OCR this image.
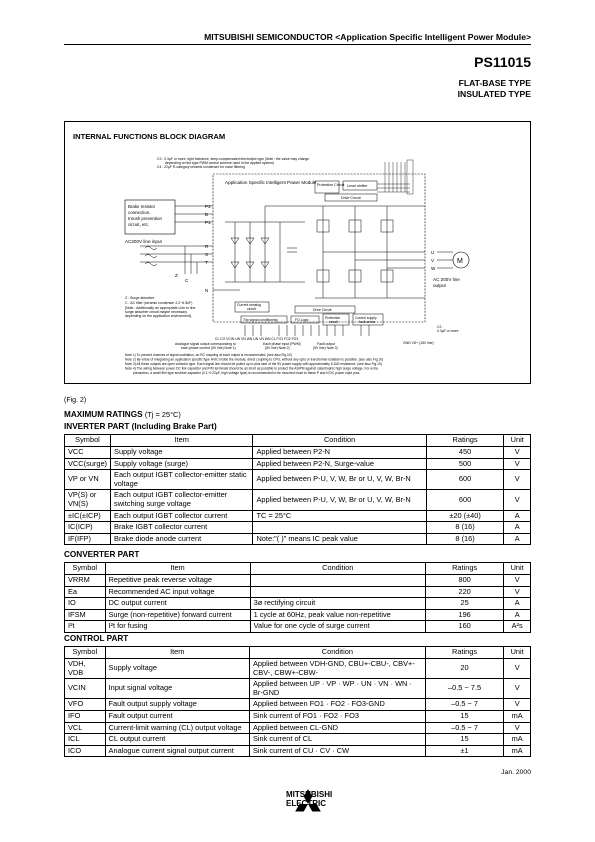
MITSUBISHI SEMICONDUCTOR <Application Specific Intelligent Power Module>
PS11015
FLAT-BASE TYPE
INSULATED TYPE
INTERNAL FUNCTIONS BLOCK DIAGRAM
C3 : 0.3μF or more, tight tolerance, temp-compensated electrolytic type (Note : the value may change
depending on the type PWM control scheme used in the applied system)
C4 : 22μF R-category ceramic condenser for noise filtering
Application Specific Intelligent Power Module Protection Circuit Level shifter
Drive Circuit
Brake resistor
connection,
Inrush prevention
circuit, etc.
AC200V line input
P2
B
P1
R
S
T
N
Z
C
U
V
W
M
AC 200V line
output
Z : Surge absorber.
C : AC filter (ceramic condenser 2.2~6.5nF)
[Note : Additionally an appropriate Line to line
surge absorber circuit maybe necessary
depending on the application environment].
Current sensing
circuit	Drive Circuit
Trip signal conditioning	FO Logic	Protection
circuit
Control supply
fault sense
CL CO VCIN UN VN WN UN VN WN CL FO1 FO2 FO3
Analogue signal output corresponding to
each phase current (5V line) Note 1)
Each phase input (PWM)
(5V line) Note 2)
Fault output
(5V line) Note 3)
GND VD+ (15V line)
C2 :
0.3μF or more
Note 1) To prevent chances of signal oscillation, an RC coupling at each output is recommended. (see also Fig.10)
Note 2) By virtue of integrating an application specific type HVIC inside the module, direct coupling to CPU, without any opto or transformer isolation is possible. (see also Fig.10)
Note 3) All these outputs are open collector type. Each signal line should be pulled up to plus side of the 5V power supply with approximately 5.1kΩ resistance. (see also Fig.10)
Note 4) The wiring between power DC link capacitor and P/N terminals should be as short as possible to protect the ASIPM against catastrophic high surge voltage. For extra
precaution, a small film type snubber capacitor (0.1~0.22μF, high voltage type) is recommended to be mounted close to these P and N DC power input pins.
(Fig. 2)
MAXIMUM RATINGS (Tj = 25°C)
INVERTER PART (Including Brake Part)
Symbol	Item	Condition	Ratings	Unit
VCC	Supply voltage	Applied between P2-N	450	V
VCC(surge)	Supply voltage (surge)	Applied between P2-N, Surge-value	500	V
VP or VN	Each output IGBT collector-emitter static voltage	Applied between P-U, V, W, Br or U, V, W, Br-N	600	V
VP(S) or VN(S)	Each output IGBT collector-emitter switching surge voltage	Applied between P-U, V, W, Br or U, V, W, Br-N	600	V
±IC(±ICP)	Each output IGBT collector current	TC = 25°C	±20 (±40)	A
IC(ICP)	Brake IGBT collector current		8 (16)	A
IF(IFP)	Brake diode anode current	Note:"( )" means IC peak value	8 (16)	A
CONVERTER PART
Symbol	Item	Condition	Ratings	Unit
VRRM	Repetitive peak reverse voltage		800	V
Ea	Recommended AC input voltage		220	V
IO	DC output current	3ø rectifying circuit	25	A
IFSM	Surge (non-repetitive) forward current	1 cycle at 60Hz, peak value non-repetitive	196	A
I²t	I²t for fusing	Value for one cycle of surge current	160	A²s
CONTROL PART
Symbol	Item	Condition	Ratings	Unit
VDH, VDB	Supply voltage	Applied between VDH-GND, CBU+-CBU-, CBV+-CBV-, CBW+-CBW-	20	V
VCIN	Input signal voltage	Applied between UP · VP · WP · UN · VN · WN · Br-GND	–0.5 ~ 7.5	V
VFO	Fault output supply voltage	Applied between FO1 · FO2 · FO3-GND	–0.5 ~ 7	V
IFO	Fault output current	Sink current of FO1 · FO2 · FO3	15	mA
VCL	Current-limit warning (CL) output voltage	Applied between CL-GND	–0.5 ~ 7	V
ICL	CL output current	Sink current of CL	15	mA
ICO	Analogue current signal output current	Sink current of CU · CV · CW	±1	mA
Jan. 2000
MITSUBISHI
ELECTRIC
